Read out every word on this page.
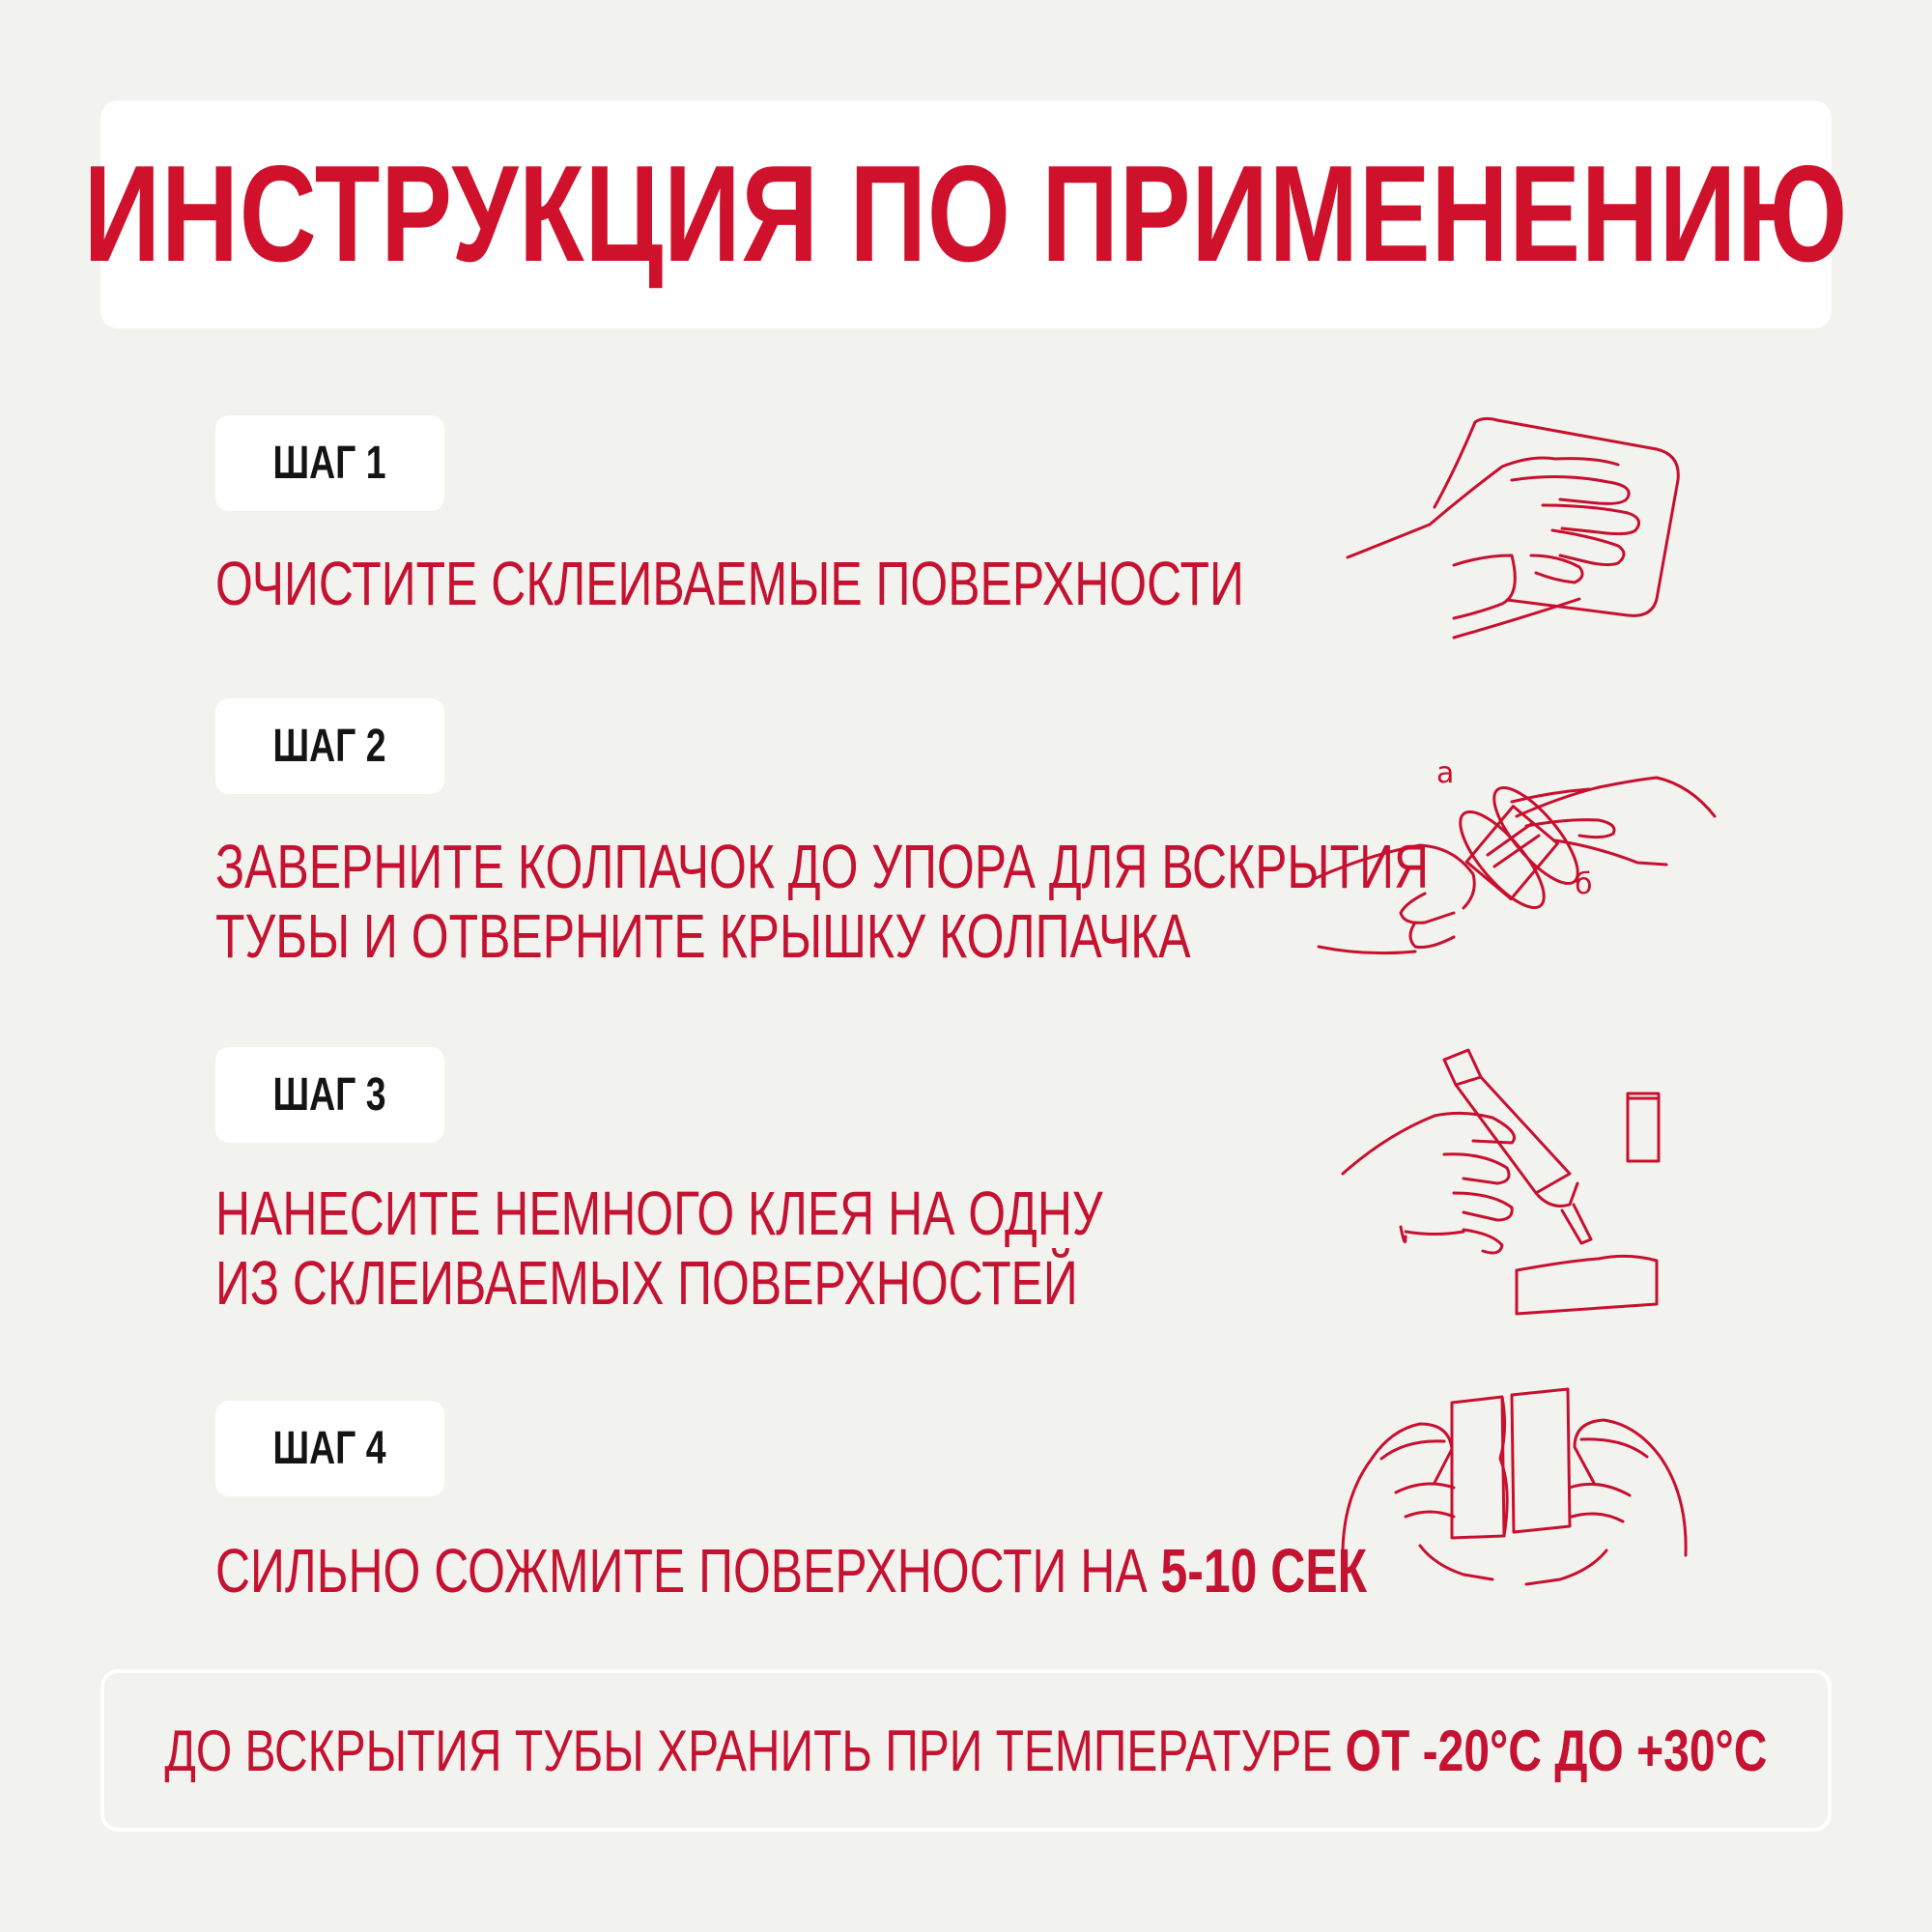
ИНСТРУКЦИЯ ПО ПРИМЕНЕНИЮ
ШАГ 1
ОЧИСТИТЕ СКЛЕИВАЕМЫЕ ПОВЕРХНОСТИ
ШАГ 2
ЗАВЕРНИТЕ КОЛПАЧОК ДО УПОРА ДЛЯ ВСКРЫТИЯ
ТУБЫ И ОТВЕРНИТЕ КРЫШКУ КОЛПАЧКА
а
б
ШАГ 3
НАНЕСИТЕ НЕМНОГО КЛЕЯ НА ОДНУ
ИЗ СКЛЕИВАЕМЫХ ПОВЕРХНОСТЕЙ
ШАГ 4
СИЛЬНО СОЖМИТЕ ПОВЕРХНОСТИ НА 5-10 СЕК
ДО ВСКРЫТИЯ ТУБЫ ХРАНИТЬ ПРИ ТЕМПЕРАТУРЕ ОТ -20°С ДО +30°С
